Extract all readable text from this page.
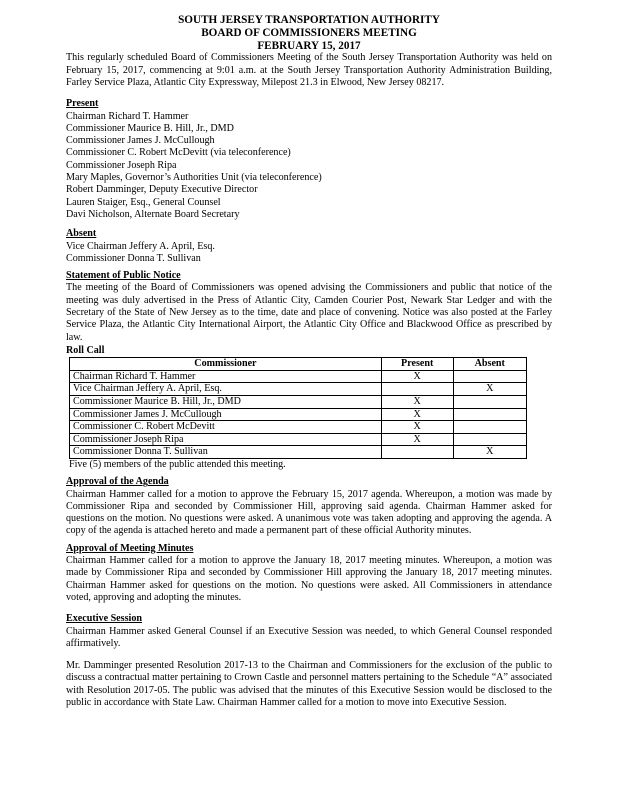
SOUTH JERSEY TRANSPORTATION AUTHORITY
BOARD OF COMMISSIONERS MEETING
FEBRUARY 15, 2017

This regularly scheduled Board of Commissioners Meeting of the South Jersey Transportation Authority was held on February 15, 2017, commencing at 9:01 a.m. at the South Jersey Transportation Authority Administration Building, Farley Service Plaza, Atlantic City Expressway, Milepost 21.3 in Elwood, New Jersey 08217.

Present
Chairman Richard T. Hammer
Commissioner Maurice B. Hill, Jr., DMD
Commissioner James J. McCullough
Commissioner C. Robert McDevitt (via teleconference)
Commissioner Joseph Ripa
Mary Maples, Governor’s Authorities Unit (via teleconference)
Robert Damminger, Deputy Executive Director
Lauren Staiger, Esq., General Counsel
Davi Nicholson, Alternate Board Secretary
Absent
Vice Chairman Jeffery A. April, Esq.
Commissioner Donna T. Sullivan
Statement of Public Notice

The meeting of the Board of Commissioners was opened advising the Commissioners and public that notice of the meeting was duly advertised in the Press of Atlantic City, Camden Courier Post, Newark Star Ledger and with the Secretary of the State of New Jersey as to the time, date and place of convening. Notice was also posted at the Farley Service Plaza, the Atlantic City International Airport, the Atlantic City Office and Blackwood Office as prescribed by law.

Roll Call
Commissioner	Present	Absent
Chairman Richard T. Hammer	X	
Vice Chairman Jeffery A. April, Esq.		X
Commissioner Maurice B. Hill, Jr., DMD	X	
Commissioner James J. McCullough	X	
Commissioner C. Robert McDevitt	X	
Commissioner Joseph Ripa	X	
Commissioner Donna T. Sullivan		X
Five (5) members of the public attended this meeting.
Approval of the Agenda

Chairman Hammer called for a motion to approve the February 15, 2017 agenda. Whereupon, a motion was made by Commissioner Ripa and seconded by Commissioner Hill, approving said agenda. Chairman Hammer asked for questions on the motion. No questions were asked. A unanimous vote was taken adopting and approving the agenda. A copy of the agenda is attached hereto and made a permanent part of these official Authority minutes.

Approval of Meeting Minutes

Chairman Hammer called for a motion to approve the January 18, 2017 meeting minutes. Whereupon, a motion was made by Commissioner Ripa and seconded by Commissioner Hill approving the January 18, 2017 meeting minutes. Chairman Hammer asked for questions on the motion. No questions were asked. All Commissioners in attendance voted, approving and adopting the minutes.

Executive Session

Chairman Hammer asked General Counsel if an Executive Session was needed, to which General Counsel responded affirmatively.

Mr. Damminger presented Resolution 2017-13 to the Chairman and Commissioners for the exclusion of the public to discuss a contractual matter pertaining to Crown Castle and personnel matters pertaining to the Schedule “A” associated with Resolution 2017-05. The public was advised that the minutes of this Executive Session would be disclosed to the public in accordance with State Law. Chairman Hammer called for a motion to move into Executive Session.
